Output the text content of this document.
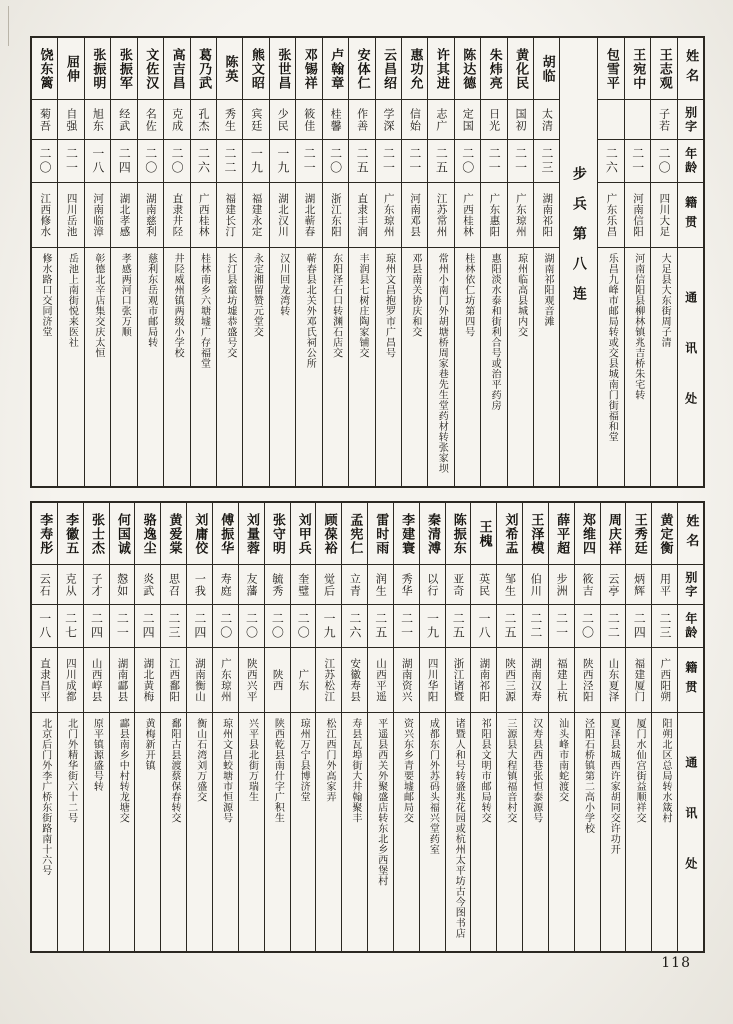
姓名
别字
年龄
籍贯
通讯处
王志观
子若
二〇
四川大足
大足县大东街周子清
王宛中
二一
河南信阳
河南信阳县柳林镇兆吉桥朱宅转
包雪平
二六
广东乐昌
乐昌九峰市邮局转或交县城南门街福和堂
步兵第八连
胡临
太清
二三
湖南祁阳
湖南祁阳观音滩
黄化民
国初
二一
广东琼州
琼州临高县城内交
朱炜亮
日光
二一
广东惠阳
惠阳淡水泰和街利合号或治平药房
陈达德
定国
二〇
广西桂林
桂林依仁坊第四号
许其进
志广
二五
江苏常州
常州小南门外胡塘桥周家巷先生堂药材转张家坝
惠功允
信始
二一
河南邓县
邓县南关协庆和交
云昌绍
学深
二一
广东琼州
琼州文昌抱罗市广昌号
安体仁
作善
二五
直隶丰润
丰润县七树庄陶家铺交
卢翰章
桂馨
二〇
浙江东阳
东阳泽石口转渊石店交
邓锡祥
筱佳
二一
湖北蕲春
蕲春县北关外邓氏祠公所
张世昌
少民
一九
湖北汉川
汉川回龙湾转
熊文昭
宾廷
一九
福建永定
永定湘留赞元堂交
陈英
秀生
二二
福建长汀
长汀县童坊墟恭盛号交
葛乃武
孔杰
二六
广西桂林
桂林南乡六塘墟广存福堂
高吉昌
克成
二〇
直隶井陉
井陉威州镇两级小学校
文佐汉
名佐
二〇
湖南慈利
慈利东岳观市邮局转
张振军
经武
二四
湖北孝感
孝感两河口张万顺
张振明
旭东
一八
河南临漳
彰德北辛店集交庆太恒
屈伸
自强
二一
四川岳池
岳池上南街悦来医社
饶东篱
菊吾
二〇
江西修水
修水路口交同济堂
姓名
别字
年龄
籍贯
通讯处
黄定衡
用平
二三
广西阳朔
阳朔北区总局转水箴村
王秀廷
炳辉
二四
福建厦门
厦门水仙宫街益顺祥交
周庆祥
云亭
二二
山东夏泽
夏泽县城西许家胡同交许功开
郑维四
筱吉
二〇
陕西泾阳
泾阳石桥镇第二高小学校
薛平超
步洲
二一
福建上杭
汕头峰市南蛇渡交
王泽模
伯川
二二
湖南汉寿
汉寿县西巷张恒泰源号
刘希盂
邹生
二五
陕西三源
三源县大程镇福音村交
王槐
英民
一八
湖南祁阳
祁阳县文明市邮局转交
陈振东
亚奇
二五
浙江诸暨
诸暨人和号转盛兆花园或杭州太平坊古今图书店
秦清溥
以行
一九
四川华阳
成都东门外苏码头福兴堂药室
李建寰
秀华
二一
湖南资兴
资兴东乡青要墟邮局交
雷时雨
润生
二五
山西平遥
平遥县西关外聚盛店转东北乡西堡村
孟宪仁
立青
二六
安徽寿县
寿县瓦埠街大井翰聚丰
顾葆裕
觉后
一九
江苏松江
松江西门外高家弄
刘甲兵
奎璧
二〇
广东
琼州万宁县博济堂
张守明
毓秀
二〇
陕西
陕西乾县南什字广积生
刘量蓉
友藩
二〇
陕西兴平
兴平县北街万瑞生
傅振华
寿庭
二〇
广东琼州
琼州文昌蛟塘市恒源号
刘庸佼
一我
二四
湖南衡山
衡山石湾刘万盛交
黄爱棠
思召
二三
江西鄱阳
鄱阳古县渡蔡保春转交
骆逸尘
炎武
二四
湖北黄梅
黄梅新开镇
何国诚
慤如
二一
湖南酃县
酃县南乡中村转龙塘交
张士杰
子才
二四
山西崞县
原平镇源盛号转
李徽五
克从
二七
四川成都
北门外精华街六十二号
李寿彤
云石
一八
直隶昌平
北京后门外李广桥东街路南十六号
118
